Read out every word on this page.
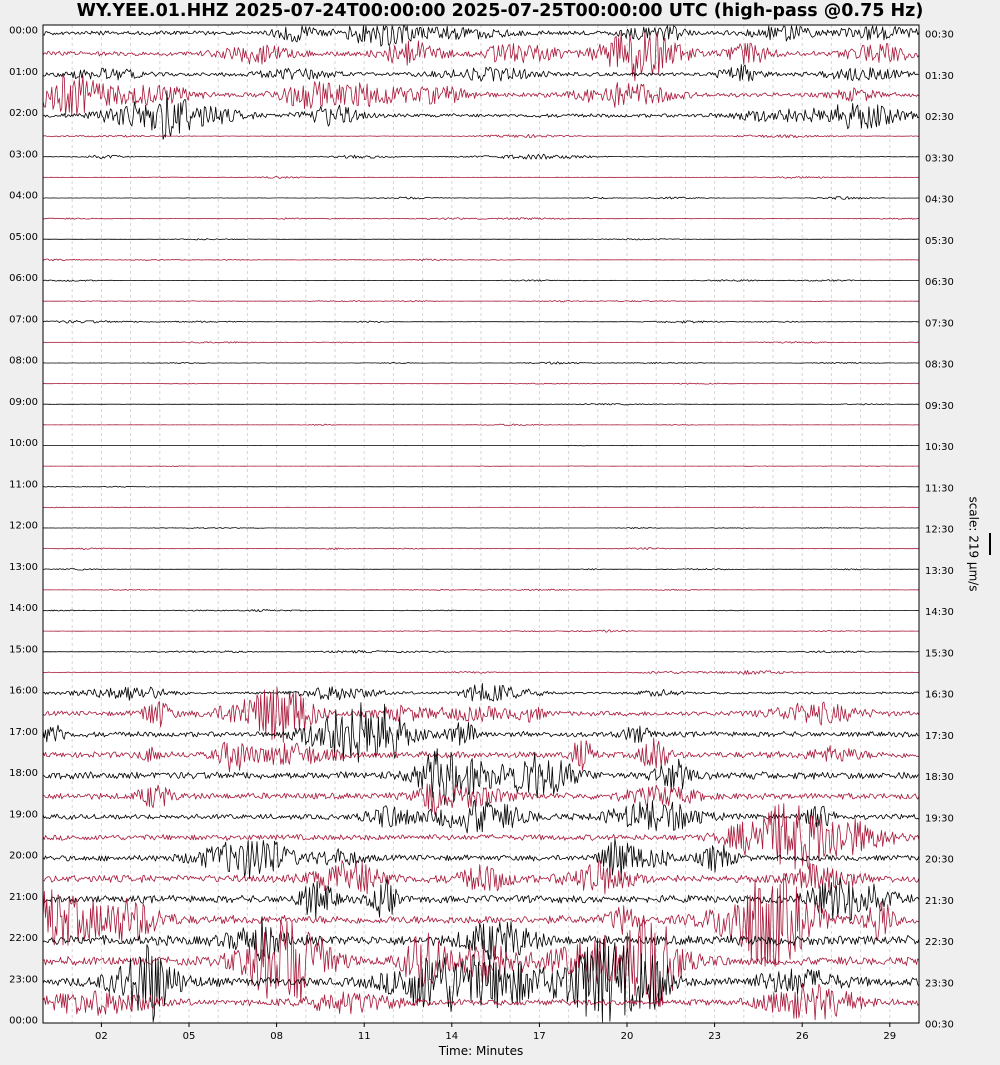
WY.YEE.01.HHZ 2025-07-24T00:00:00 2025-07-25T00:00:00 UTC (high-pass @0.75 Hz)
00:00
01:00
02:00
03:00
04:00
05:00
06:00
07:00
08:00
09:00
10:00
11:00
12:00
13:00
14:00
15:00
16:00
17:00
18:00
19:00
20:00
21:00
22:00
23:00
00:00
00:30
01:30
02:30
03:30
04:30
05:30
06:30
07:30
08:30
09:30
10:30
11:30
12:30
13:30
14:30
15:30
16:30
17:30
18:30
19:30
20:30
21:30
22:30
23:30
00:30
02	05	08	11	14	17	20	23	26	29
Time: Minutes
scale: 219 μm/s
